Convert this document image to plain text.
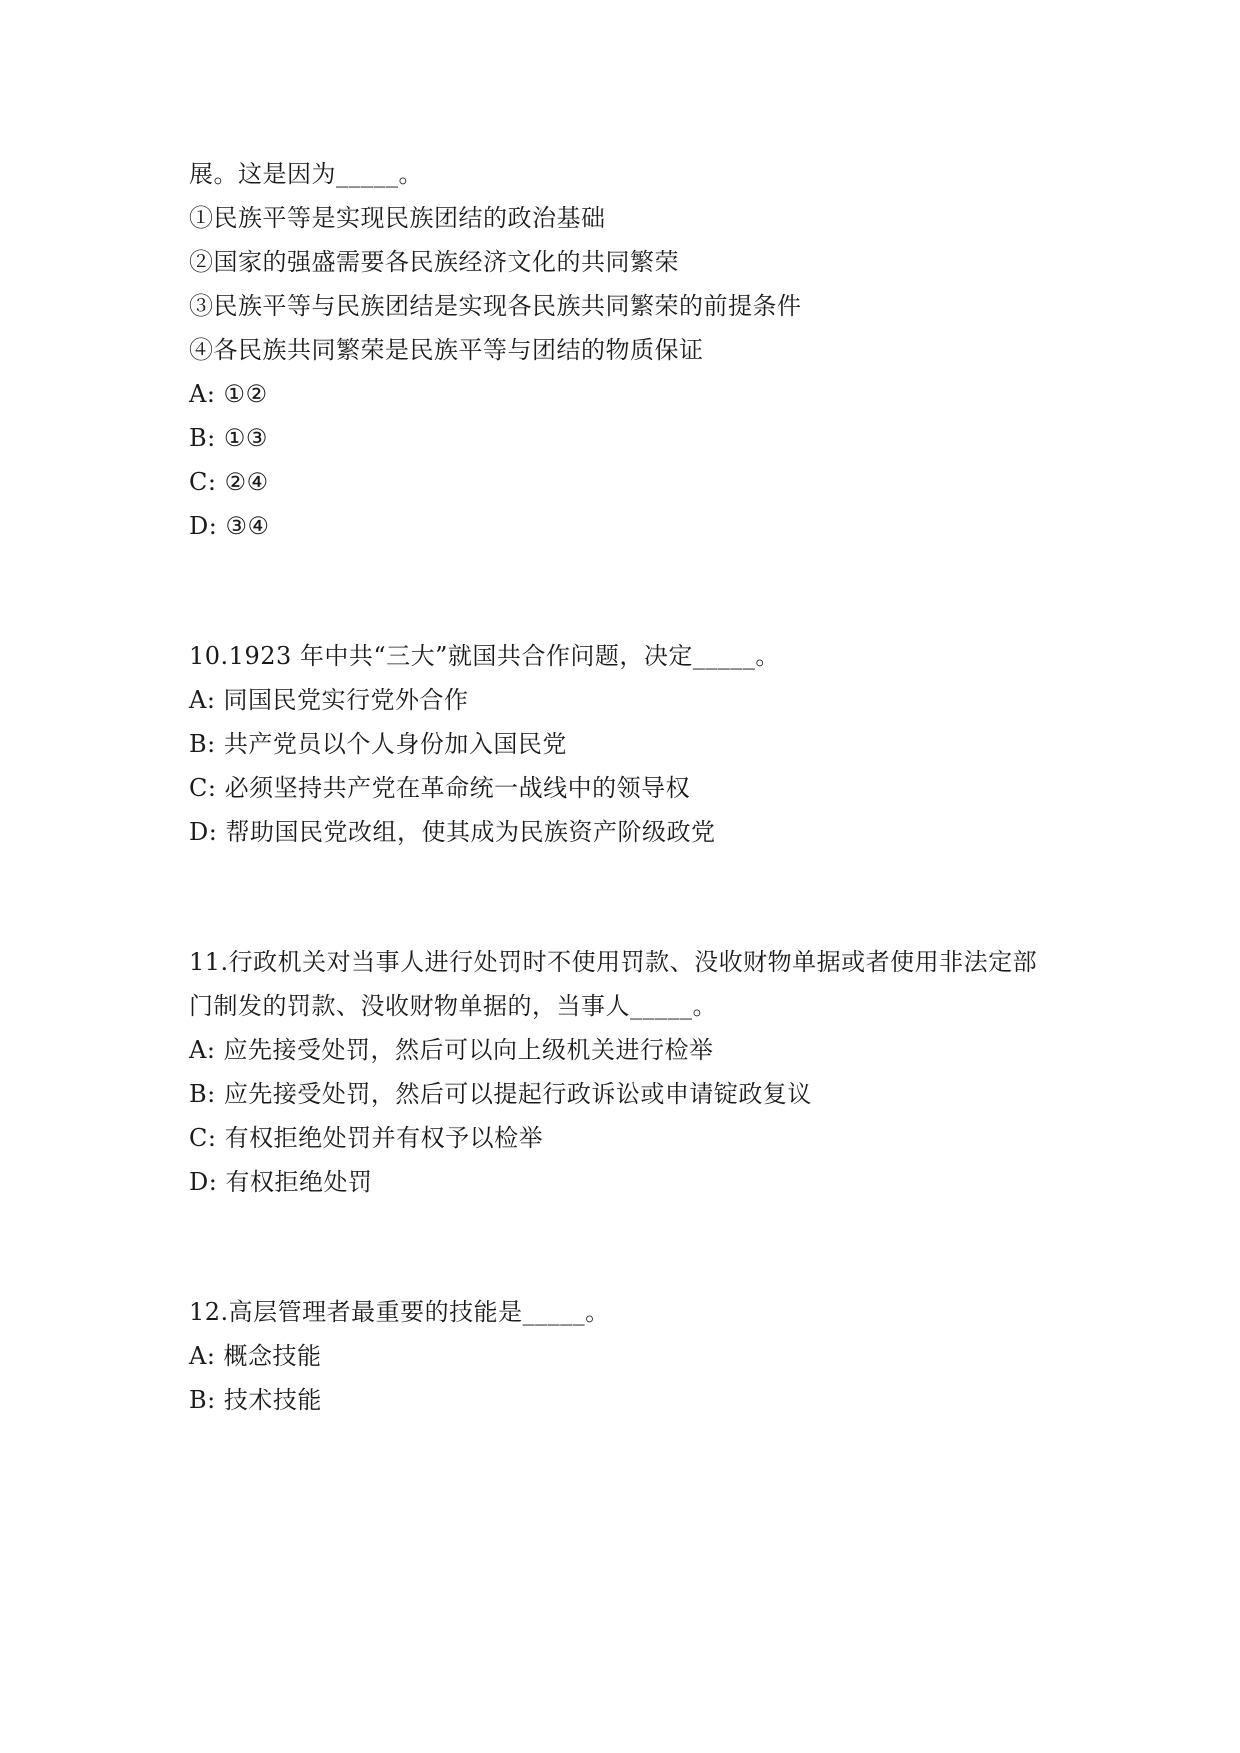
展。这是因为_____。
①民族平等是实现民族团结的政治基础
②国家的强盛需要各民族经济文化的共同繁荣
③民族平等与民族团结是实现各民族共同繁荣的前提条件
④各民族共同繁荣是民族平等与团结的物质保证
A: ①②
B: ①③
C: ②④
D: ③④
10.1923 年中共“三大”就国共合作问题，决定_____。
A: 同国民党实行党外合作
B: 共产党员以个人身份加入国民党
C: 必须坚持共产党在革命统一战线中的领导权
D: 帮助国民党改组，使其成为民族资产阶级政党
11.行政机关对当事人进行处罚时不使用罚款、没收财物单据或者使用非法定部
门制发的罚款、没收财物单据的，当事人_____。
A: 应先接受处罚，然后可以向上级机关进行检举
B: 应先接受处罚，然后可以提起行政诉讼或申请锭政复议
C: 有权拒绝处罚并有权予以检举
D: 有权拒绝处罚
12.高层管理者最重要的技能是_____。
A: 概念技能
B: 技术技能
